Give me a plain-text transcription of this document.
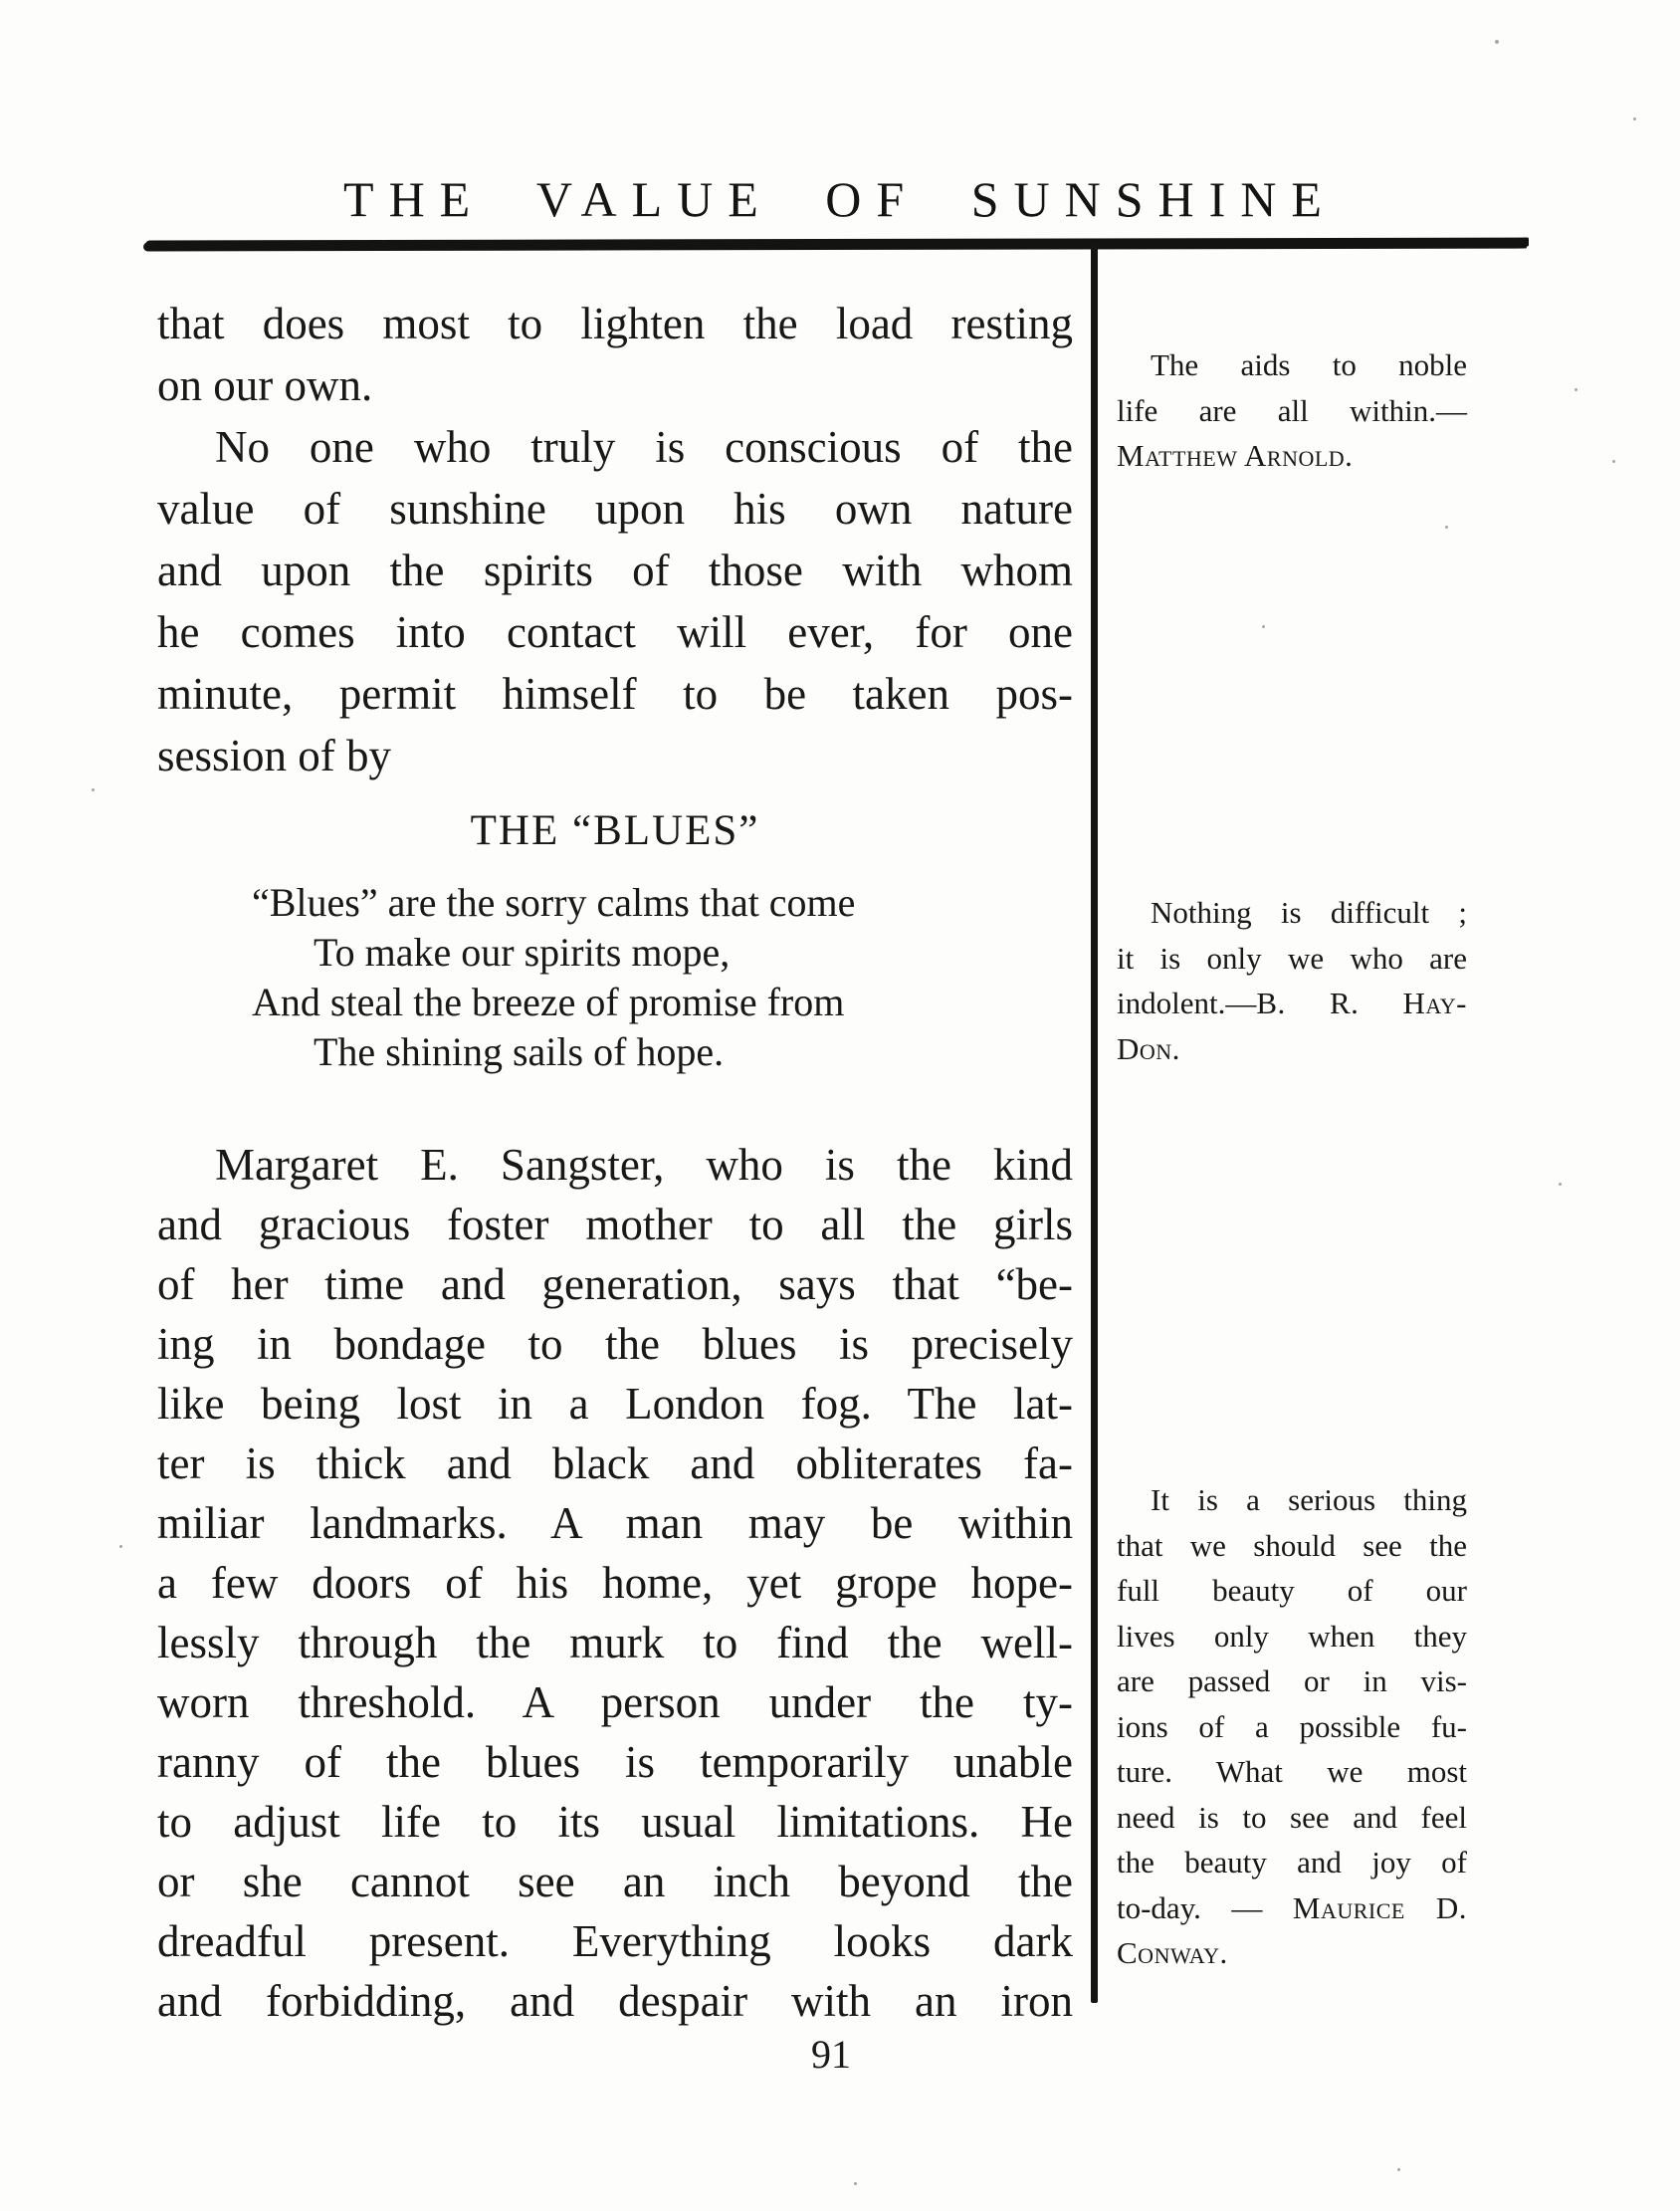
THE VALUE OF SUNSHINE
that does most to lighten the load resting
on our own.
No one who truly is conscious of the
value of sunshine upon his own nature
and upon the spirits of those with whom
he comes into contact will ever, for one
minute, permit himself to be taken pos-
session of by
THE “BLUES”
“Blues” are the sorry calms that come
To make our spirits mope,
And steal the breeze of promise from
The shining sails of hope.
Margaret E. Sangster, who is the kind
and gracious foster mother to all the girls
of her time and generation, says that “be-
ing in bondage to the blues is precisely
like being lost in a London fog. The lat-
ter is thick and black and obliterates fa-
miliar landmarks. A man may be within
a few doors of his home, yet grope hope-
lessly through the murk to find the well-
worn threshold. A person under the ty-
ranny of the blues is temporarily unable
to adjust life to its usual limitations. He
or she cannot see an inch beyond the
dreadful present. Everything looks dark
and forbidding, and despair with an iron
The aids to noble
life are all within.—
Matthew Arnold.
Nothing is difficult ;
it is only we who are
indolent.—B. R. Hay-
Don.
It is a serious thing
that we should see the
full beauty of our
lives only when they
are passed or in vis-
ions of a possible fu-
ture. What we most
need is to see and feel
the beauty and joy of
to-day. — Maurice D.
Conway.
91
